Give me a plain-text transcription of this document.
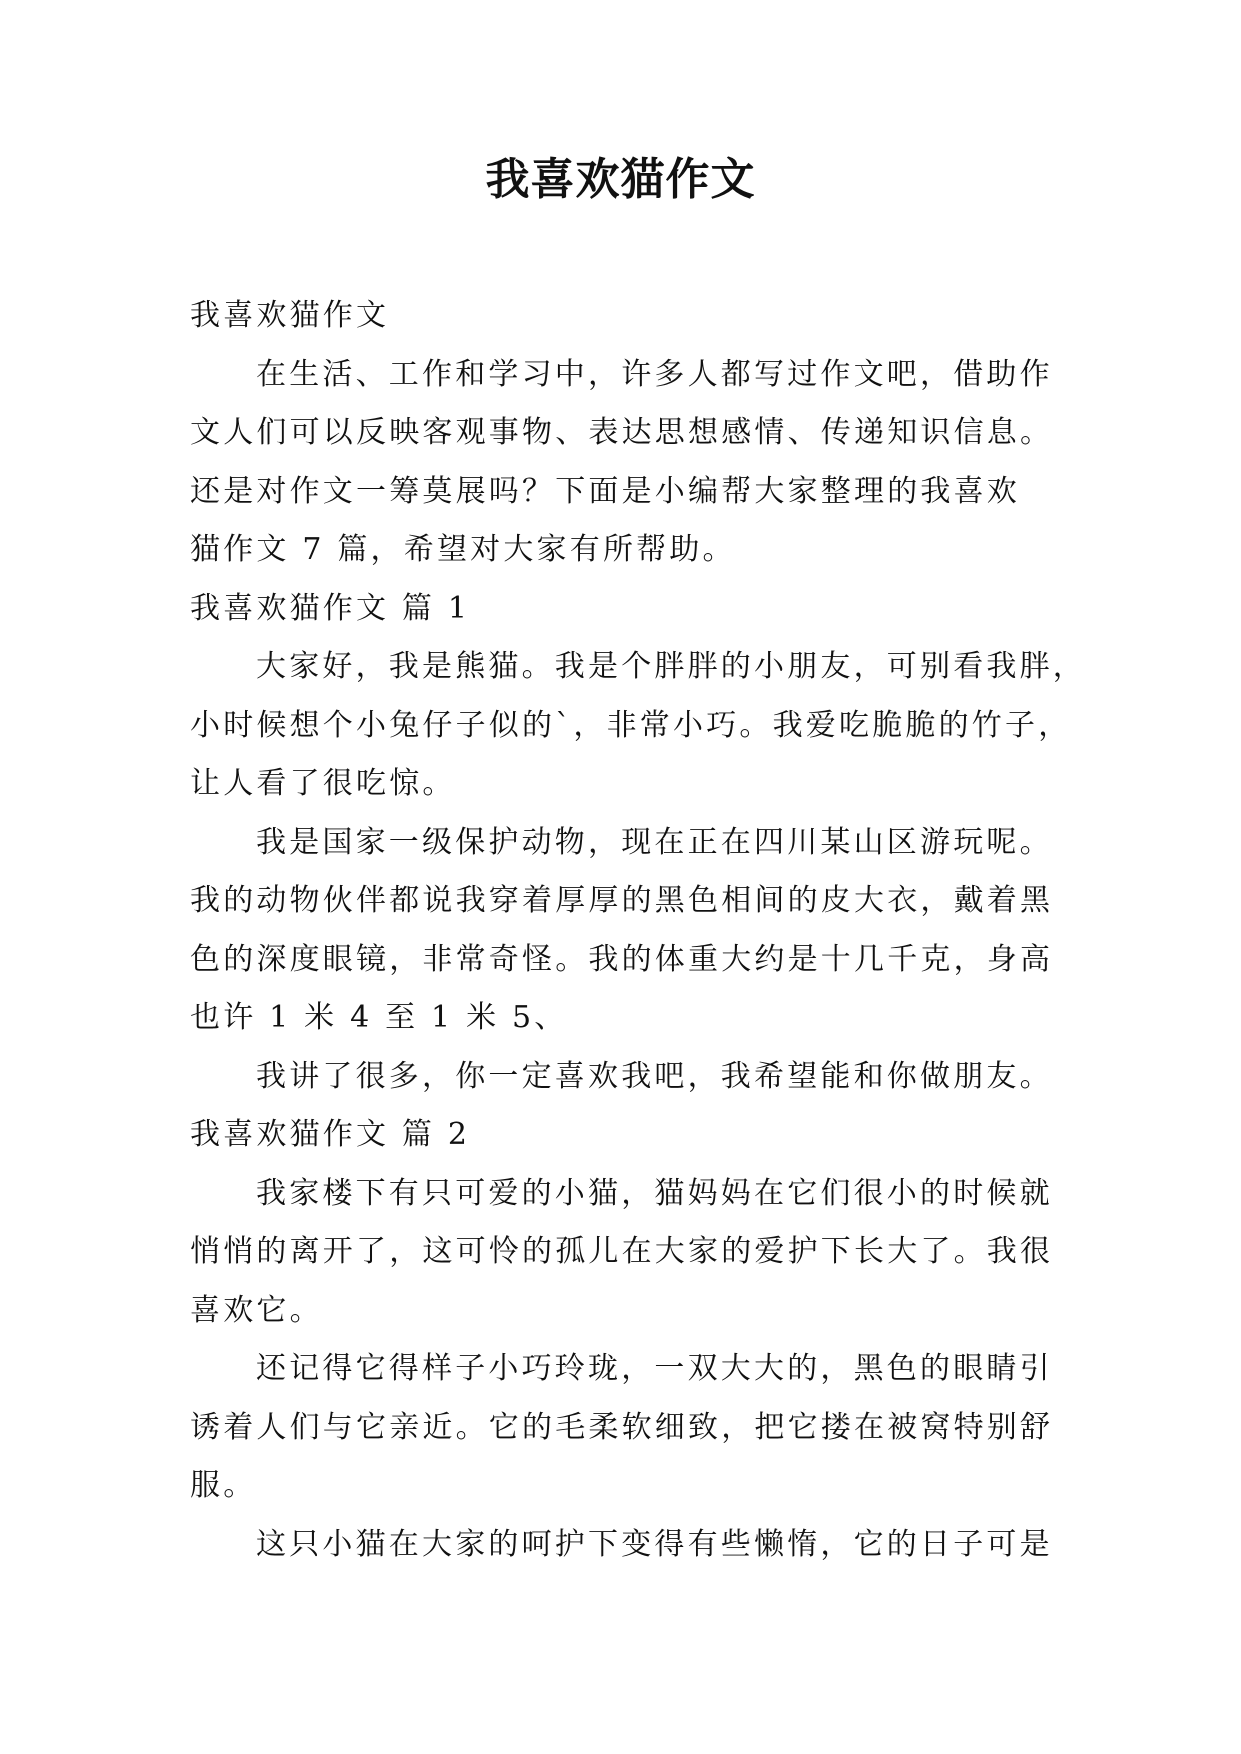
我喜欢猫作文
我喜欢猫作文
在生活、工作和学习中，许多人都写过作文吧，借助作
文人们可以反映客观事物、表达思想感情、传递知识信息。
还是对作文一筹莫展吗？下面是小编帮大家整理的我喜欢
猫作文 7 篇，希望对大家有所帮助。
我喜欢猫作文 篇 1
大家好，我是熊猫。我是个胖胖的小朋友，可别看我胖，
小时候想个小兔仔子似的`，非常小巧。我爱吃脆脆的竹子，
让人看了很吃惊。
我是国家一级保护动物，现在正在四川某山区游玩呢。
我的动物伙伴都说我穿着厚厚的黑色相间的皮大衣，戴着黑
色的深度眼镜，非常奇怪。我的体重大约是十几千克，身高
也许 1 米 4 至 1 米 5、
我讲了很多，你一定喜欢我吧，我希望能和你做朋友。
我喜欢猫作文 篇 2
我家楼下有只可爱的小猫，猫妈妈在它们很小的时候就
悄悄的离开了，这可怜的孤儿在大家的爱护下长大了。我很
喜欢它。
还记得它得样子小巧玲珑，一双大大的，黑色的眼睛引
诱着人们与它亲近。它的毛柔软细致，把它搂在被窝特别舒
服。
这只小猫在大家的呵护下变得有些懒惰，它的日子可是
